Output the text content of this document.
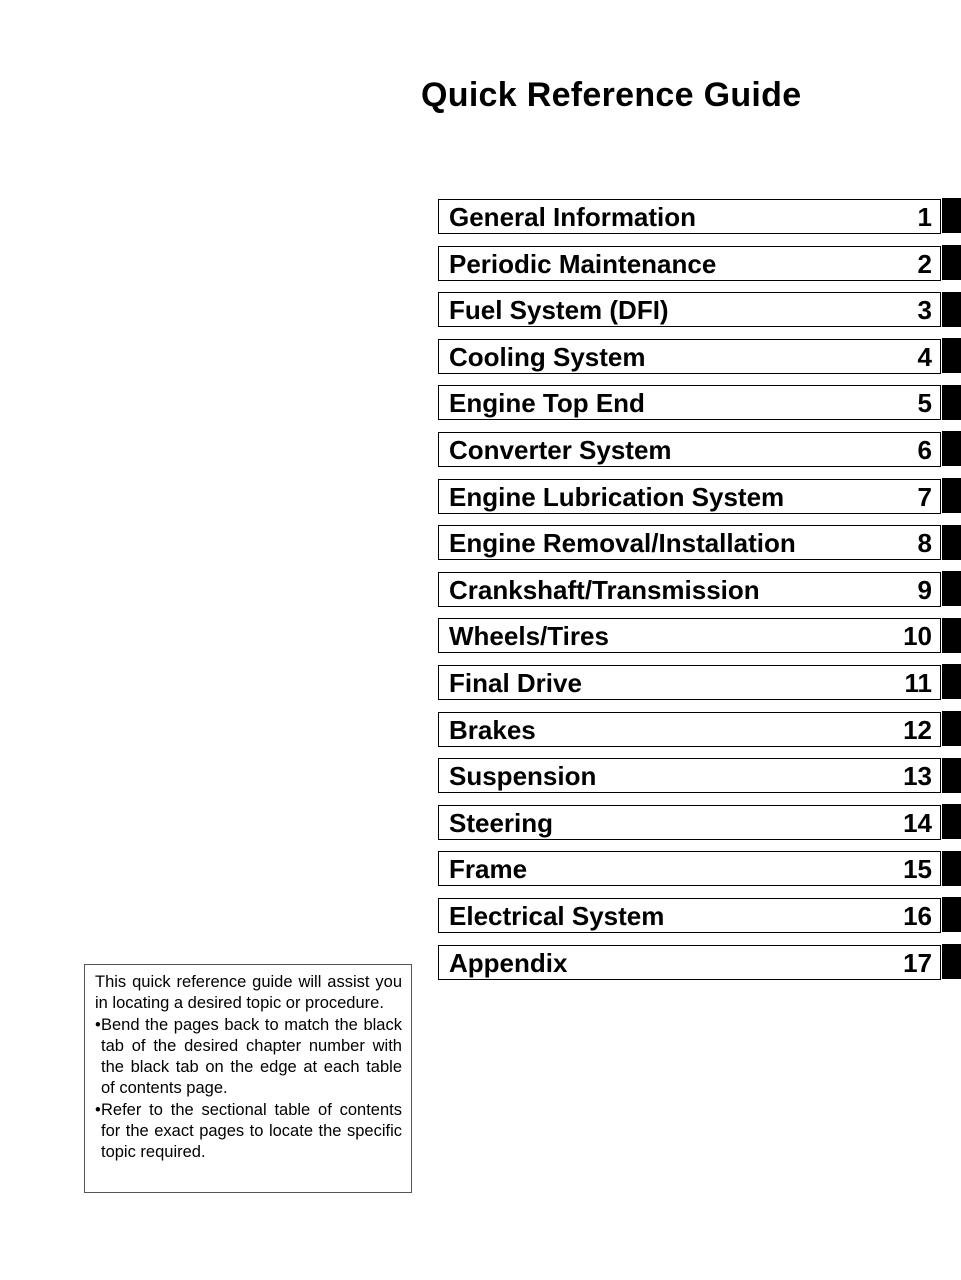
Quick Reference Guide
General Information	1
Periodic Maintenance	2
Fuel System (DFI)	3
Cooling System	4
Engine Top End	5
Converter System	6
Engine Lubrication System	7
Engine Removal/Installation	8
Crankshaft/Transmission	9
Wheels/Tires	10
Final Drive	11
Brakes	12
Suspension	13
Steering	14
Frame	15
Electrical System	16
Appendix	17

This quick reference guide will assist you in locating a desired topic or procedure.

• Bend the pages back to match the black tab of the desired chapter number with the black tab on the edge at each table of contents page.
• Refer to the sectional table of contents for the exact pages to locate the specific topic required.
